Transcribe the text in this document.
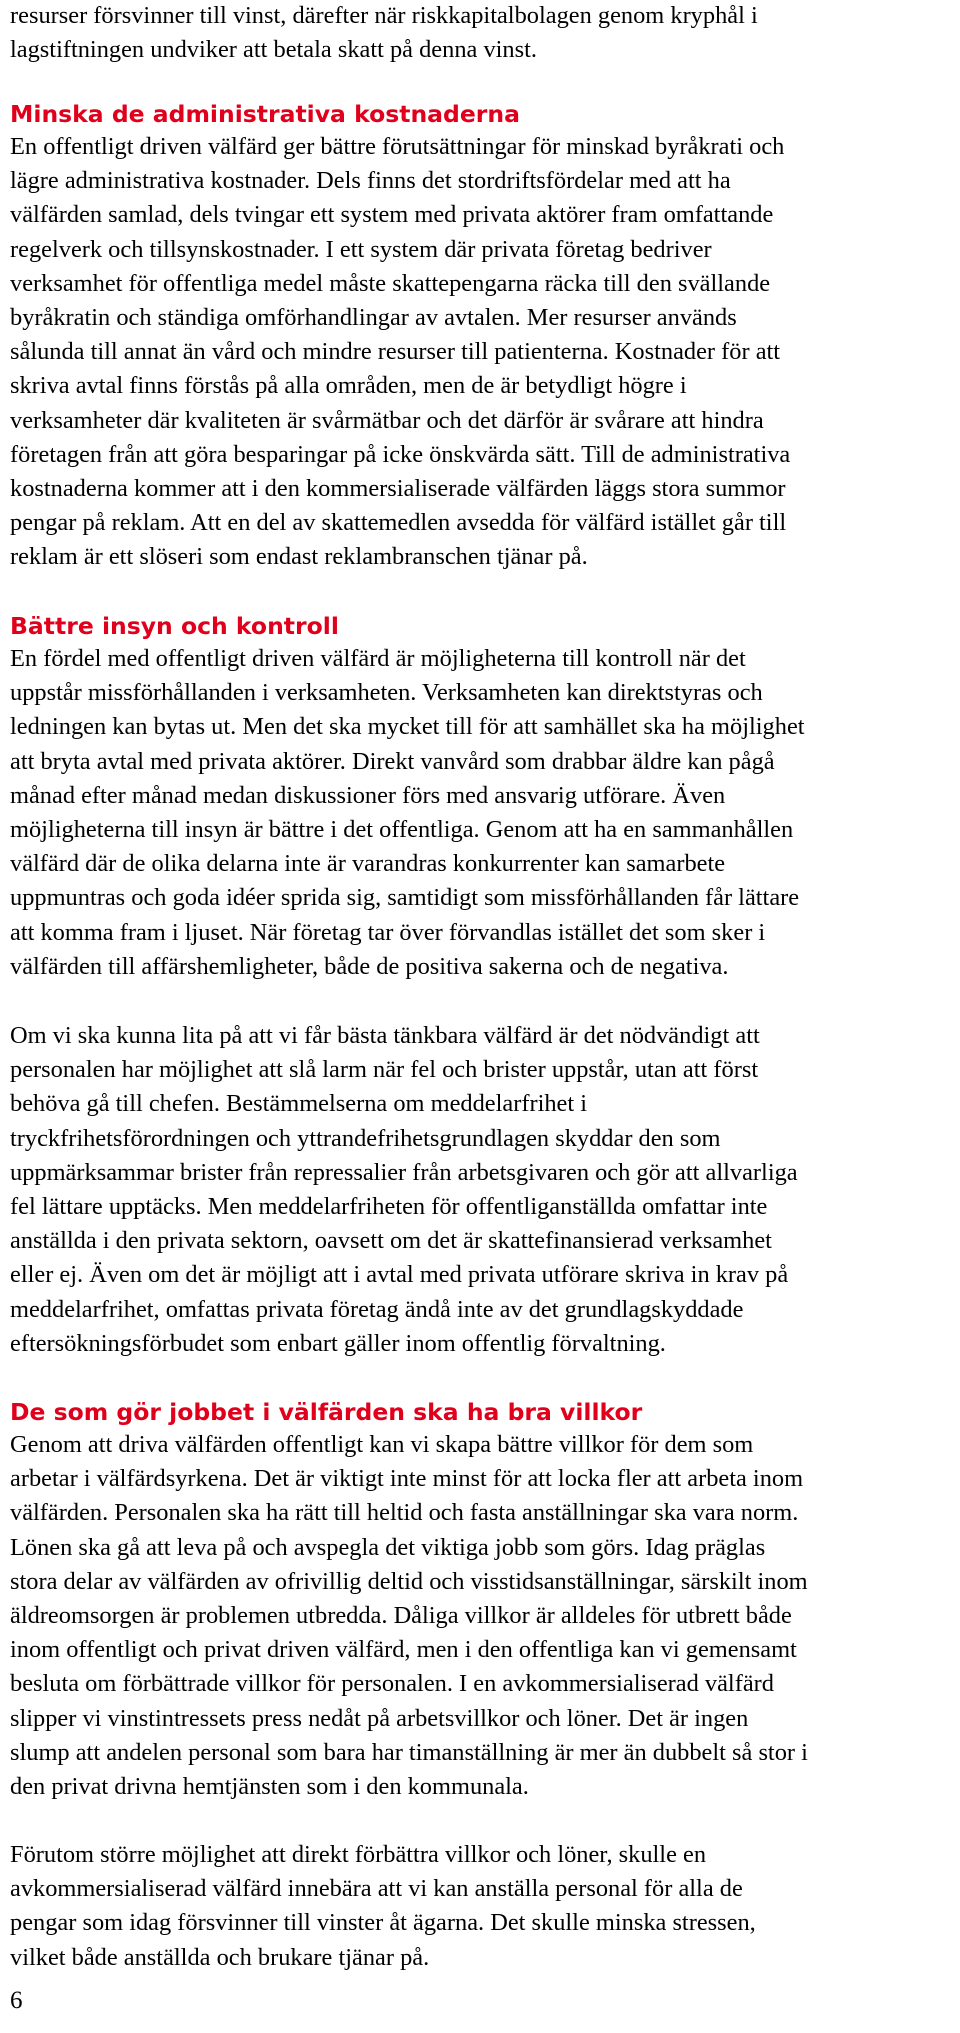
resurser försvinner till vinst, därefter när riskkapitalbolagen genom kryphål i
lagstiftningen undviker att betala skatt på denna vinst.

Minska de administrativa kostnaderna

En offentligt driven välfärd ger bättre förutsättningar för minskad byråkrati och
lägre administrativa kostnader. Dels finns det stordriftsfördelar med att ha
välfärden samlad, dels tvingar ett system med privata aktörer fram omfattande
regelverk och tillsynskostnader. I ett system där privata företag bedriver
verksamhet för offentliga medel måste skattepengarna räcka till den svällande
byråkratin och ständiga omförhandlingar av avtalen. Mer resurser används
sålunda till annat än vård och mindre resurser till patienterna. Kostnader för att
skriva avtal finns förstås på alla områden, men de är betydligt högre i
verksamheter där kvaliteten är svårmätbar och det därför är svårare att hindra
företagen från att göra besparingar på icke önskvärda sätt. Till de administrativa
kostnaderna kommer att i den kommersialiserade välfärden läggs stora summor
pengar på reklam. Att en del av skattemedlen avsedda för välfärd istället går till
reklam är ett slöseri som endast reklambranschen tjänar på.

Bättre insyn och kontroll

En fördel med offentligt driven välfärd är möjligheterna till kontroll när det
uppstår missförhållanden i verksamheten. Verksamheten kan direktstyras och
ledningen kan bytas ut. Men det ska mycket till för att samhället ska ha möjlighet
att bryta avtal med privata aktörer. Direkt vanvård som drabbar äldre kan pågå
månad efter månad medan diskussioner förs med ansvarig utförare. Även
möjligheterna till insyn är bättre i det offentliga. Genom att ha en sammanhållen
välfärd där de olika delarna inte är varandras konkurrenter kan samarbete
uppmuntras och goda idéer sprida sig, samtidigt som missförhållanden får lättare
att komma fram i ljuset. När företag tar över förvandlas istället det som sker i
välfärden till affärshemligheter, både de positiva sakerna och de negativa.

Om vi ska kunna lita på att vi får bästa tänkbara välfärd är det nödvändigt att
personalen har möjlighet att slå larm när fel och brister uppstår, utan att först
behöva gå till chefen. Bestämmelserna om meddelarfrihet i
tryckfrihetsförordningen och yttrandefrihetsgrundlagen skyddar den som
uppmärksammar brister från repressalier från arbetsgivaren och gör att allvarliga
fel lättare upptäcks. Men meddelarfriheten för offentliganställda omfattar inte
anställda i den privata sektorn, oavsett om det är skattefinansierad verksamhet
eller ej. Även om det är möjligt att i avtal med privata utförare skriva in krav på
meddelarfrihet, omfattas privata företag ändå inte av det grundlagskyddade
eftersökningsförbudet som enbart gäller inom offentlig förvaltning.

De som gör jobbet i välfärden ska ha bra villkor

Genom att driva välfärden offentligt kan vi skapa bättre villkor för dem som
arbetar i välfärdsyrkena. Det är viktigt inte minst för att locka fler att arbeta inom
välfärden. Personalen ska ha rätt till heltid och fasta anställningar ska vara norm.
Lönen ska gå att leva på och avspegla det viktiga jobb som görs. Idag präglas
stora delar av välfärden av ofrivillig deltid och visstidsanställningar, särskilt inom
äldreomsorgen är problemen utbredda. Dåliga villkor är alldeles för utbrett både
inom offentligt och privat driven välfärd, men i den offentliga kan vi gemensamt
besluta om förbättrade villkor för personalen. I en avkommersialiserad välfärd
slipper vi vinstintressets press nedåt på arbetsvillkor och löner. Det är ingen
slump att andelen personal som bara har timanställning är mer än dubbelt så stor i
den privat drivna hemtjänsten som i den kommunala.

Förutom större möjlighet att direkt förbättra villkor och löner, skulle en
avkommersialiserad välfärd innebära att vi kan anställa personal för alla de
pengar som idag försvinner till vinster åt ägarna. Det skulle minska stressen,
vilket både anställda och brukare tjänar på.

6
